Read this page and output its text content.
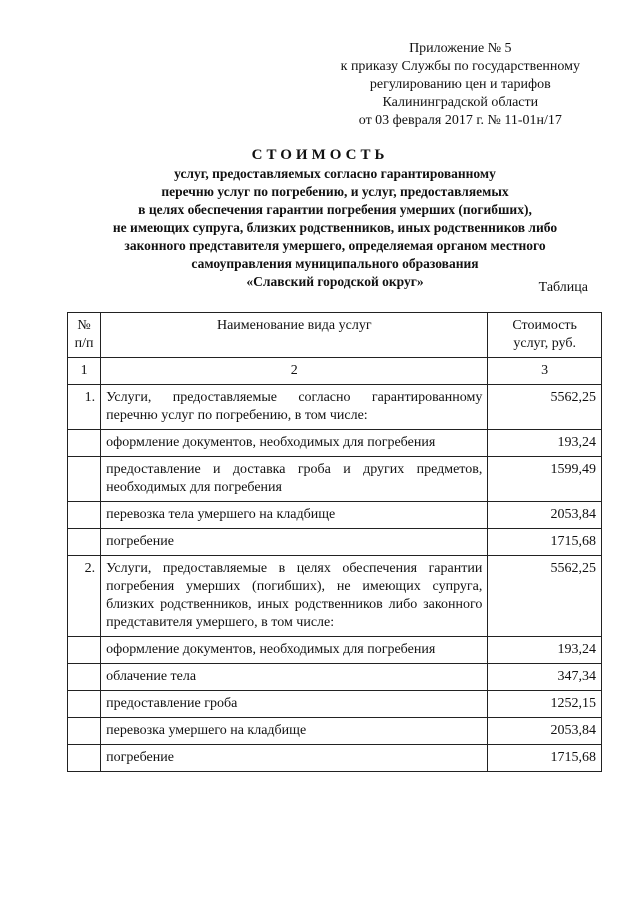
Приложение № 5
к приказу Службы по государственному
регулированию цен и тарифов
Калининградской области
от 03 февраля 2017 г. № 11-01н/17
СТОИМОСТЬ
услуг, предоставляемых согласно гарантированному
перечню услуг по погребению, и услуг, предоставляемых
в целях обеспечения гарантии погребения умерших (погибших),
не имеющих супруга, близких родственников, иных родственников либо
законного представителя умершего, определяемая органом местного
самоуправления муниципального образования
«Славский городской округ»	Таблица
№ п/п	Наименование вида услуг	Стоимость услуг, руб.
1	2	3
1.	Услуги, предоставляемые согласно гарантированному перечню услуг по погребению, в том числе:	5562,25
	оформление документов, необходимых для погребения	193,24
	предоставление и доставка гроба и других предметов, необходимых для погребения	1599,49
	перевозка тела умершего на кладбище	2053,84
	погребение	1715,68
2.	Услуги, предоставляемые в целях обеспечения гарантии погребения умерших (погибших), не имеющих супруга, близких родственников, иных родственников либо законного представителя умершего, в том числе:	5562,25
	оформление документов, необходимых для погребения	193,24
	облачение тела	347,34
	предоставление гроба	1252,15
	перевозка умершего на кладбище	2053,84
	погребение	1715,68
